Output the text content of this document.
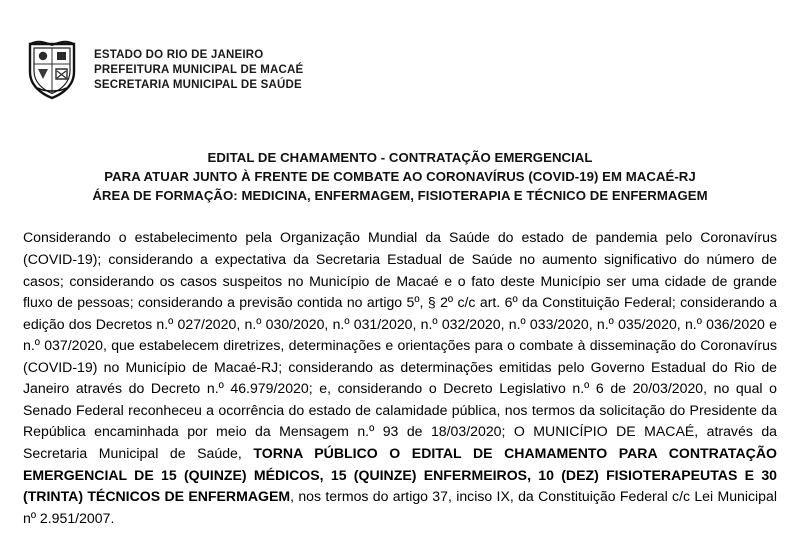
ESTADO DO RIO DE JANEIRO
PREFEITURA MUNICIPAL DE MACAÉ
SECRETARIA MUNICIPAL DE SAÚDE
EDITAL DE CHAMAMENTO - CONTRATAÇÃO EMERGENCIAL
PARA ATUAR JUNTO À FRENTE DE COMBATE AO CORONAVÍRUS (COVID-19) EM MACAÉ-RJ
ÁREA DE FORMAÇÃO: MEDICINA, ENFERMAGEM, FISIOTERAPIA E TÉCNICO DE ENFERMAGEM
Considerando o estabelecimento pela Organização Mundial da Saúde do estado de pandemia pelo Coronavírus (COVID-19); considerando a expectativa da Secretaria Estadual de Saúde no aumento significativo do número de casos; considerando os casos suspeitos no Município de Macaé e o fato deste Município ser uma cidade de grande fluxo de pessoas; considerando a previsão contida no artigo 5º, § 2º c/c art. 6º da Constituição Federal; considerando a edição dos Decretos n.º 027/2020, n.º 030/2020, n.º 031/2020, n.º 032/2020, n.º 033/2020, n.º 035/2020, n.º 036/2020 e n.º 037/2020, que estabelecem diretrizes, determinações e orientações para o combate à disseminação do Coronavírus (COVID-19) no Município de Macaé-RJ; considerando as determinações emitidas pelo Governo Estadual do Rio de Janeiro através do Decreto n.º 46.979/2020; e, considerando o Decreto Legislativo n.º 6 de 20/03/2020, no qual o Senado Federal reconheceu a ocorrência do estado de calamidade pública, nos termos da solicitação do Presidente da República encaminhada por meio da Mensagem n.º 93 de 18/03/2020; O MUNICÍPIO DE MACAÉ, através da Secretaria Municipal de Saúde, TORNA PÚBLICO O EDITAL DE CHAMAMENTO PARA CONTRATAÇÃO EMERGENCIAL DE 15 (QUINZE) MÉDICOS, 15 (QUINZE) ENFERMEIROS, 10 (DEZ) FISIOTERAPEUTAS E 30 (TRINTA) TÉCNICOS DE ENFERMAGEM, nos termos do artigo 37, inciso IX, da Constituição Federal c/c Lei Municipal nº 2.951/2007.
